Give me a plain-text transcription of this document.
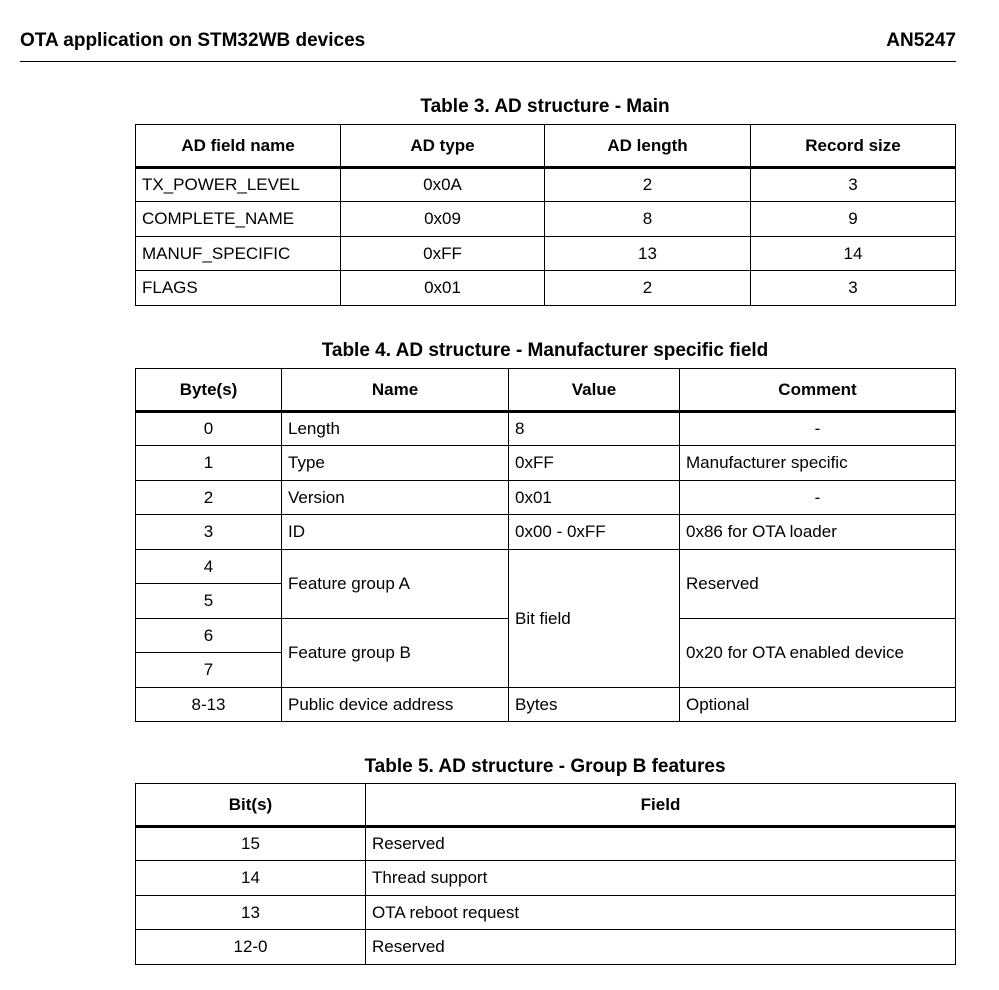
OTA application on STM32WB devices	AN5247
Table 3. AD structure - Main
AD field name	AD type	AD length	Record size
TX_POWER_LEVEL	0x0A	2	3
COMPLETE_NAME	0x09	8	9
MANUF_SPECIFIC	0xFF	13	14
FLAGS	0x01	2	3
Table 4. AD structure - Manufacturer specific field
Byte(s)	Name	Value	Comment
0	Length	8	-
1	Type	0xFF	Manufacturer specific
2	Version	0x01	-
3	ID	0x00 - 0xFF	0x86 for OTA loader
4	Feature group A	Bit field	Reserved
5			
6	Feature group B		0x20 for OTA enabled device
7			
8-13	Public device address	Bytes	Optional
Table 5. AD structure - Group B features
Bit(s)	Field
15	Reserved
14	Thread support
13	OTA reboot request
12-0	Reserved
